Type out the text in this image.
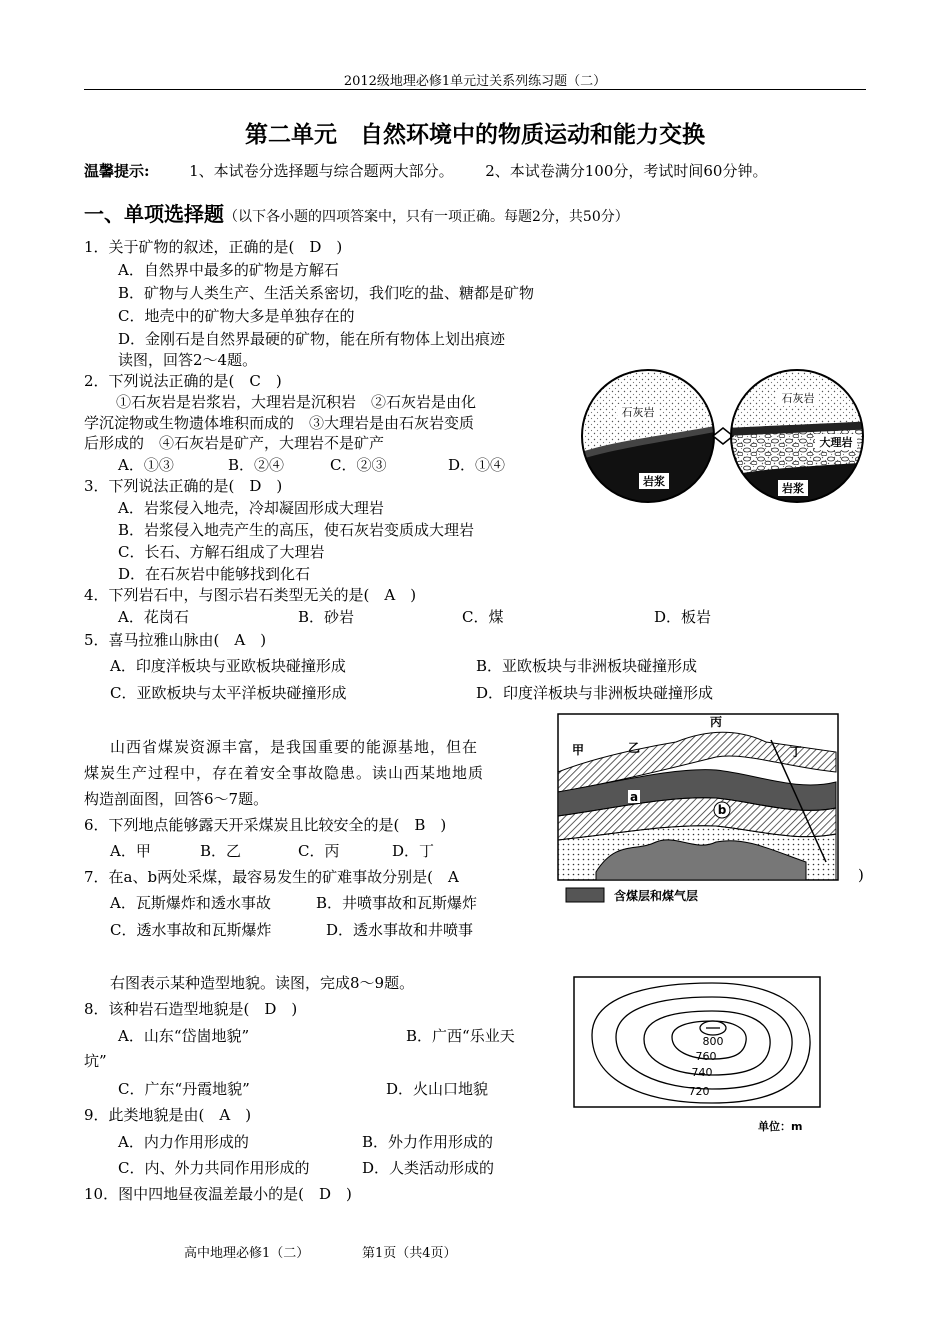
2012级地理必修1单元过关系列练习题（二）
第二单元　自然环境中的物质运动和能力交换
温馨提示:	1、本试卷分选择题与综合题两大部分。 2、本试卷满分100分，考试时间60分钟。
一、单项选择题（以下各小题的四项答案中，只有一项正确。每题2分，共50分）
1．关于矿物的叙述，正确的是(　D　)
A．自然界中最多的矿物是方解石
B．矿物与人类生产、生活关系密切，我们吃的盐、糖都是矿物
C．地壳中的矿物大多是单独存在的
D．金刚石是自然界最硬的矿物，能在所有物体上划出痕迹
读图，回答2～4题。
2．下列说法正确的是(　C　)
①石灰岩是岩浆岩，大理岩是沉积岩　②石灰岩是由化
学沉淀物或生物遗体堆积而成的　③大理岩是由石灰岩变质
后形成的　④石灰岩是矿产，大理岩不是矿产
A．①③	B．②④	C．②③	D．①④
3．下列说法正确的是(　D　)
A．岩浆侵入地壳，冷却凝固形成大理岩
B．岩浆侵入地壳产生的高压，使石灰岩变质成大理岩
C．长石、方解石组成了大理岩
D．在石灰岩中能够找到化石
4．下列岩石中，与图示岩石类型无关的是(　A　)
A．花岗石	B．砂岩	C．煤	D．板岩
5．喜马拉雅山脉由(　A　)
A．印度洋板块与亚欧板块碰撞形成	B．亚欧板块与非洲板块碰撞形成
C．亚欧板块与太平洋板块碰撞形成	D．印度洋板块与非洲板块碰撞形成
山西省煤炭资源丰富，是我国重要的能源基地，但在
煤炭生产过程中，存在着安全事故隐患。读山西某地地质
构造剖面图，回答6～7题。
6．下列地点能够露天开采煤炭且比较安全的是(　B　)
A．甲	B．乙	C．丙	D．丁
7．在a、b两处采煤，最容易发生的矿难事故分别是(　A	)
A．瓦斯爆炸和透水事故	B．井喷事故和瓦斯爆炸
C．透水事故和瓦斯爆炸	D．透水事故和井喷事
右图表示某种造型地貌。读图，完成8～9题。
8．该种岩石造型地貌是(　D　)
A．山东“岱崮地貌”	B．广西“乐业天
坑”
C．广东“丹霞地貌”	D．火山口地貌
9．此类地貌是由(　A　)
A．内力作用形成的	B．外力作用形成的
C．内、外力共同作用形成的	D．人类活动形成的
10．图中四地昼夜温差最小的是(　D　)
高中地理必修1（二）	第1页（共4页）
石灰岩
岩浆
石灰岩
大理岩
岩浆
丙
甲	乙	丁
a
b
含煤层和煤气层
800
760
740
720
单位：m
